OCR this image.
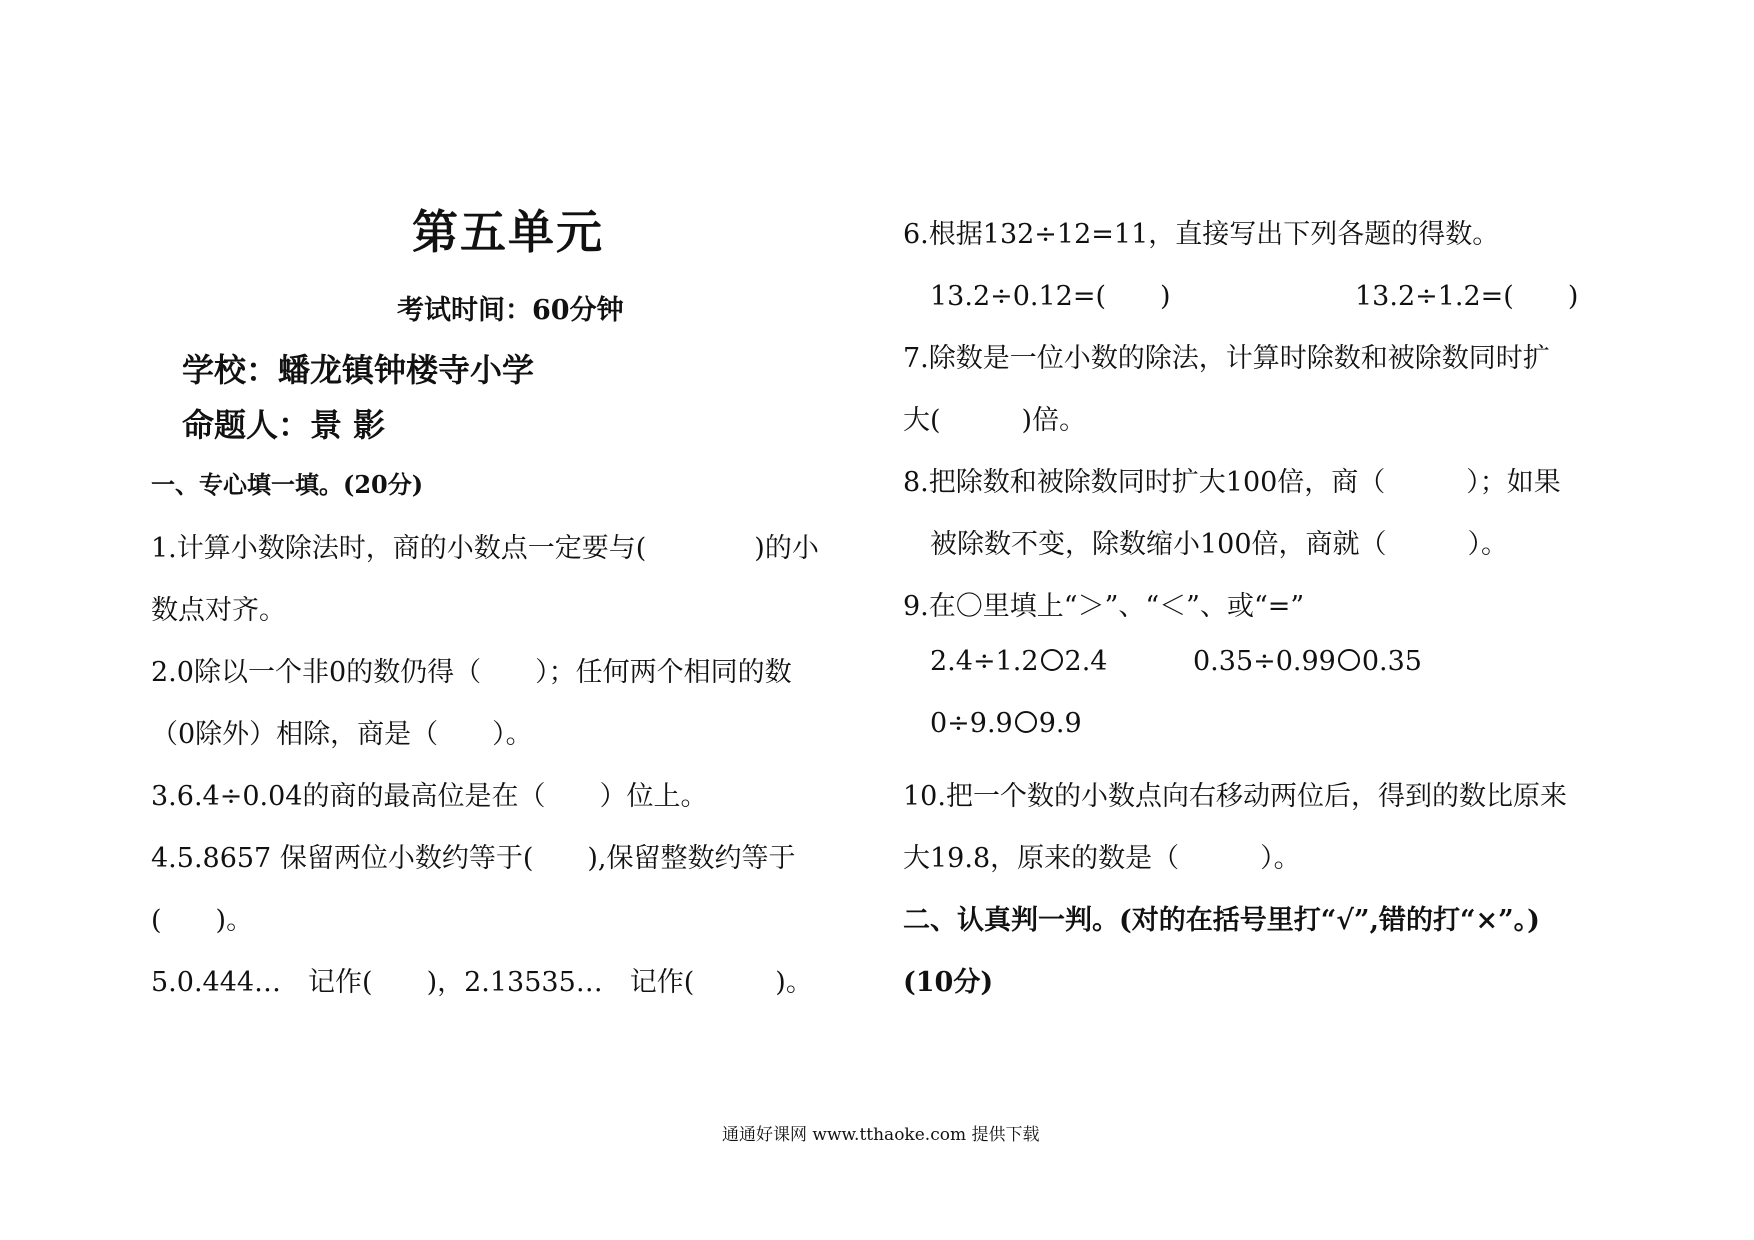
第五单元
考试时间：60分钟
学校：蟠龙镇钟楼寺小学
命题人：景 影
一、专心填一填。(20分)
1.计算小数除法时，商的小数点一定要与(　　　　)的小
数点对齐。
2.0除以一个非0的数仍得（　　）；任何两个相同的数
（0除外）相除，商是（　　）。
3.6.4÷0.04的商的最高位是在（　　）位上。
4.5.8657 保留两位小数约等于(　　),保留整数约等于
(　　)。
5.0.444…　记作(　　)，2.13535…　记作(　　　)。
6.根据132÷12=11，直接写出下列各题的得数。
13.2÷0.12=(　　)	13.2÷1.2=(　　)
7.除数是一位小数的除法，计算时除数和被除数同时扩
大(　　　)倍。
8.把除数和被除数同时扩大100倍，商（　　　）；如果
被除数不变，除数缩小100倍，商就（　　　）。
9.在〇里填上“＞”、“＜”、或“=”
2.4÷1.2 2.4	0.35÷0.99 0.35
0÷9.9 9.9
10.把一个数的小数点向右移动两位后，得到的数比原来
大19.8，原来的数是（　　　）。
二、认真判一判。(对的在括号里打“√”,错的打“×”。)
(10分)
通通好课网 www.tthaoke.com 提供下载
